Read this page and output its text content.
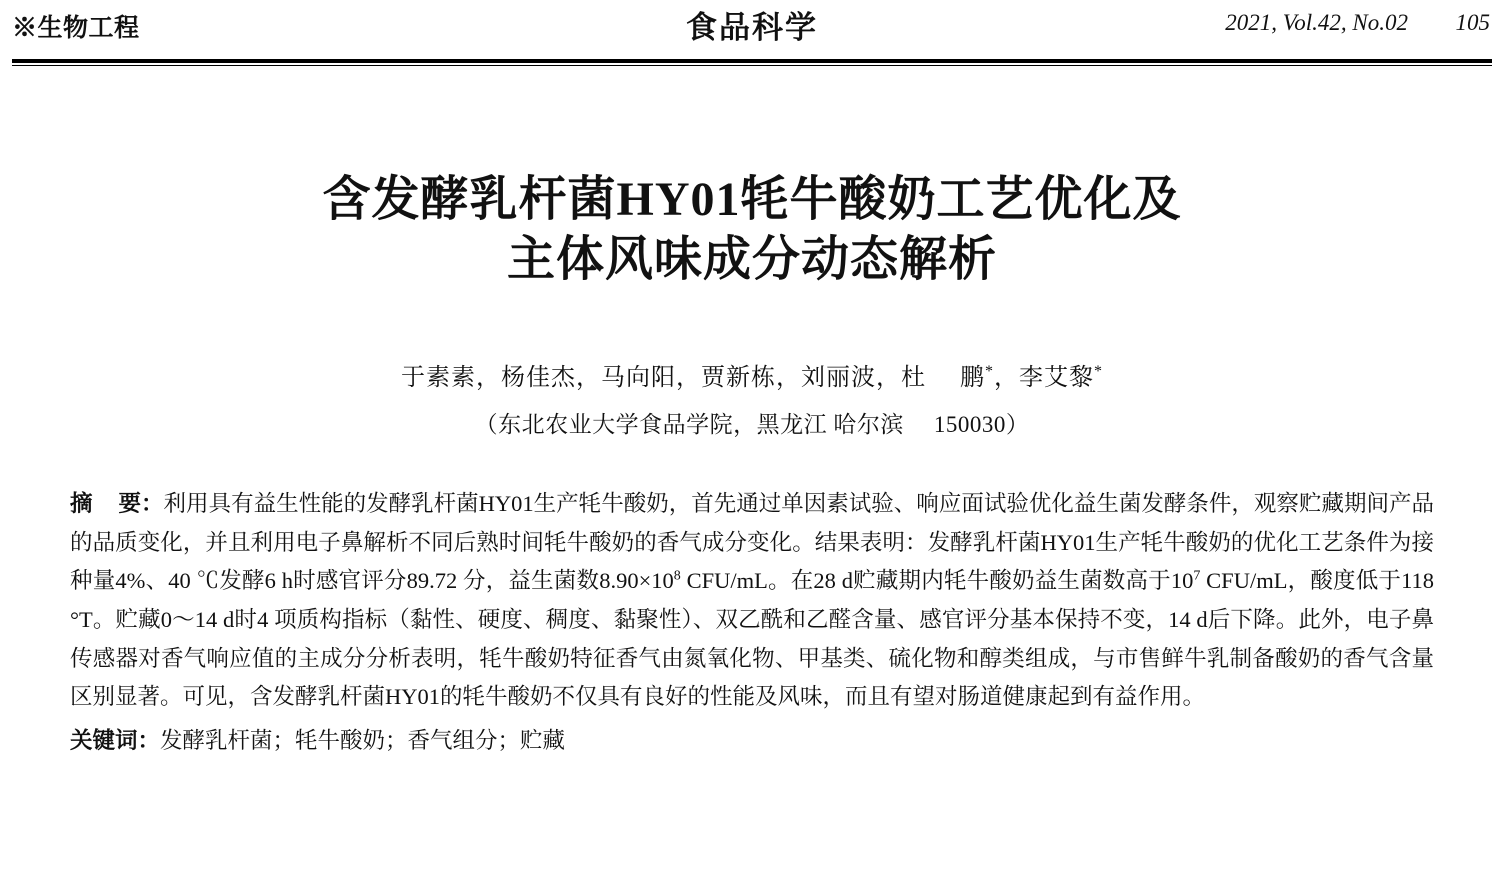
※生物工程	食品科学	2021, Vol.42, No.02 105
含发酵乳杆菌HY01牦牛酸奶工艺优化及
主体风味成分动态解析
于素素，杨佳杰，马向阳，贾新栋，刘丽波，杜 鹏*，李艾黎*
（东北农业大学食品学院，黑龙江 哈尔滨 150030）
摘 要：利用具有益生性能的发酵乳杆菌HY01生产牦牛酸奶，首先通过单因素试验、响应面试验优化益生菌发酵条件，观察贮藏期间产品的品质变化，并且利用电子鼻解析不同后熟时间牦牛酸奶的香气成分变化。结果表明：发酵乳杆菌HY01生产牦牛酸奶的优化工艺条件为接种量4%、40 ℃发酵6 h时感官评分89.72 分，益生菌数$8.90\times 10^8$ CFU/mL。在28 d贮藏期内牦牛酸奶益生菌数高于$10^7$ CFU/mL，酸度低于118 °T。贮藏0～14 d时4 项质构指标（黏性、硬度、稠度、黏聚性）、双乙酰和乙醛含量、感官评分基本保持不变，14 d后下降。此外，电子鼻传感器对香气响应值的主成分分析表明，牦牛酸奶特征香气由氮氧化物、甲基类、硫化物和醇类组成，与市售鲜牛乳制备酸奶的香气含量区别显著。可见，含发酵乳杆菌HY01的牦牛酸奶不仅具有良好的性能及风味，而且有望对肠道健康起到有益作用。
关键词：发酵乳杆菌；牦牛酸奶；香气组分；贮藏
